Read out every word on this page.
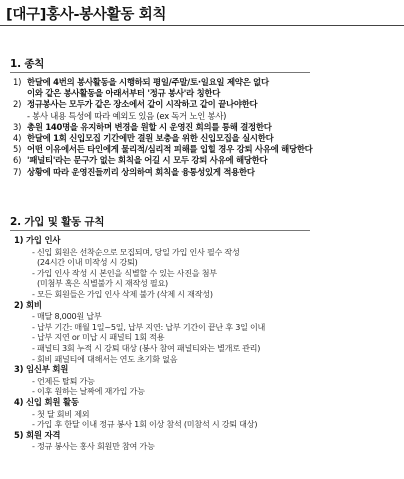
[대구]홍사-봉사활동 회칙
1. 종칙
1) 한달에 4번의 봉사활동을 시행하되 평일/주말/토·일요일 제약은 없다
이와 같은 봉사활동을 아래서부터 '정규 봉사'라 칭한다
2) 정규봉사는 모두가 같은 장소에서 같이 시작하고 같이 끝나야한다
- 봉사 내용 특성에 따라 예외도 있음 (ex 독거 노인 봉사)
3) 총원 140명을 유지하며 변경을 원할 시 운영진 회의를 통해 결정한다
4) 한달에 1회 신입모집 기간에만 결원 보충을 위한 신입모집을 실시한다
5) 어떤 이유에서든 타인에게 물리적/심리적 피해를 입힐 경우 강퇴 사유에 해당한다
6) '패널티'라는 문구가 없는 회칙을 어길 시 모두 강퇴 사유에 해당한다
7) 상황에 따라 운영진들끼리 상의하여 회칙을 융통성있게 적용한다
2. 가입 및 활동 규칙
1) 가입 인사
- 신입 회원은 선착순으로 모집되며, 당일 가입 인사 필수 작성
(24시간 이내 미작성 시 강퇴)
- 가입 인사 작성 시 본인을 식별할 수 있는 사진을 첨부
(미첨부 혹은 식별불가 시 재작성 필요)
- 모든 회원들은 가입 인사 삭제 불가 (삭제 시 재작성)
2) 회비
- 매달 8,000원 납부
- 납부 기간: 매월 1일~5일, 납부 지연: 납부 기간이 끝난 후 3일 이내
- 납부 지연 or 미납 시 패널티 1회 적용
- 패널티 3회 누적 시 강퇴 대상 (봉사 참여 패널티와는 별개로 관리)
- 회비 패널티에 대해서는 연도 초기화 없음
3) 임신부 회원
- 언제든 탈퇴 가능
- 이후 원하는 날짜에 재가입 가능
4) 신입 회원 활동
- 첫 달 회비 제외
- 가입 후 한달 이내 정규 봉사 1회 이상 참석 (미참석 시 강퇴 대상)
5) 회원 자격
- 정규 봉사는 홍사 회원만 참여 가능
